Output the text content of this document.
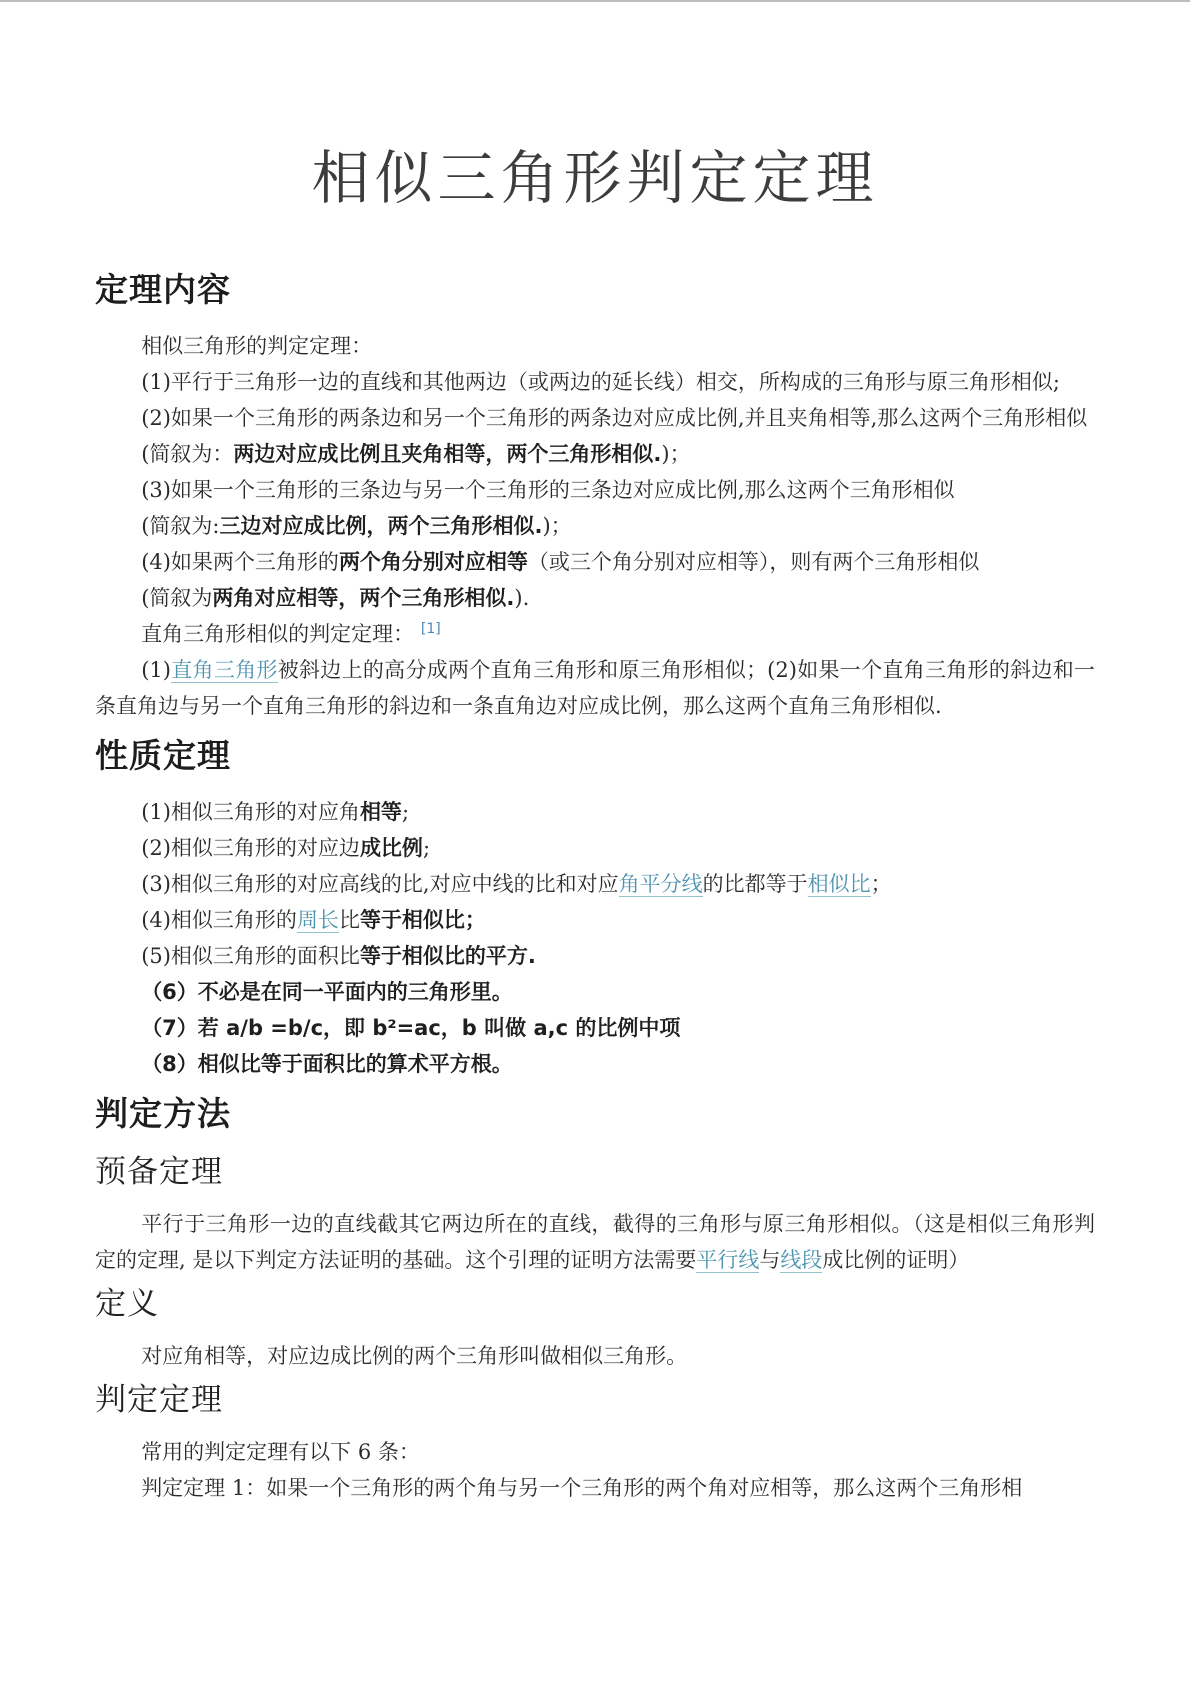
相似三角形判定定理
定理内容

相似三角形的判定定理：

(1)平行于三角形一边的直线和其他两边（或两边的延长线）相交，所构成的三角形与原三角形相似;

(2)如果一个三角形的两条边和另一个三角形的两条边对应成比例,并且夹角相等,那么这两个三角形相似

(简叙为：两边对应成比例且夹角相等，两个三角形相似.)；

(3)如果一个三角形的三条边与另一个三角形的三条边对应成比例,那么这两个三角形相似

(简叙为:三边对应成比例，两个三角形相似.)；

(4)如果两个三角形的两个角分别对应相等（或三个角分别对应相等），则有两个三角形相似

(简叙为两角对应相等，两个三角形相似.).

直角三角形相似的判定定理： [1]

(1)直角三角形被斜边上的高分成两个直角三角形和原三角形相似；(2)如果一个直角三角形的斜边和一条直角边与另一个直角三角形的斜边和一条直角边对应成比例，那么这两个直角三角形相似.

性质定理

(1)相似三角形的对应角相等;

(2)相似三角形的对应边成比例;

(3)相似三角形的对应高线的比,对应中线的比和对应角平分线的比都等于相似比；

(4)相似三角形的周长比等于相似比；

(5)相似三角形的面积比等于相似比的平方.

（6）不必是在同一平面内的三角形里。

（7）若 a/b =b/c，即 b²=ac，b 叫做 a,c 的比例中项

（8）相似比等于面积比的算术平方根。

判定方法
预备定理

平行于三角形一边的直线截其它两边所在的直线，截得的三角形与原三角形相似。（这是相似三角形判定的定理, 是以下判定方法证明的基础。这个引理的证明方法需要平行线与线段成比例的证明）

定义

对应角相等，对应边成比例的两个三角形叫做相似三角形。

判定定理

常用的判定定理有以下 6 条：

判定定理 1：如果一个三角形的两个角与另一个三角形的两个角对应相等，那么这两个三角形相
